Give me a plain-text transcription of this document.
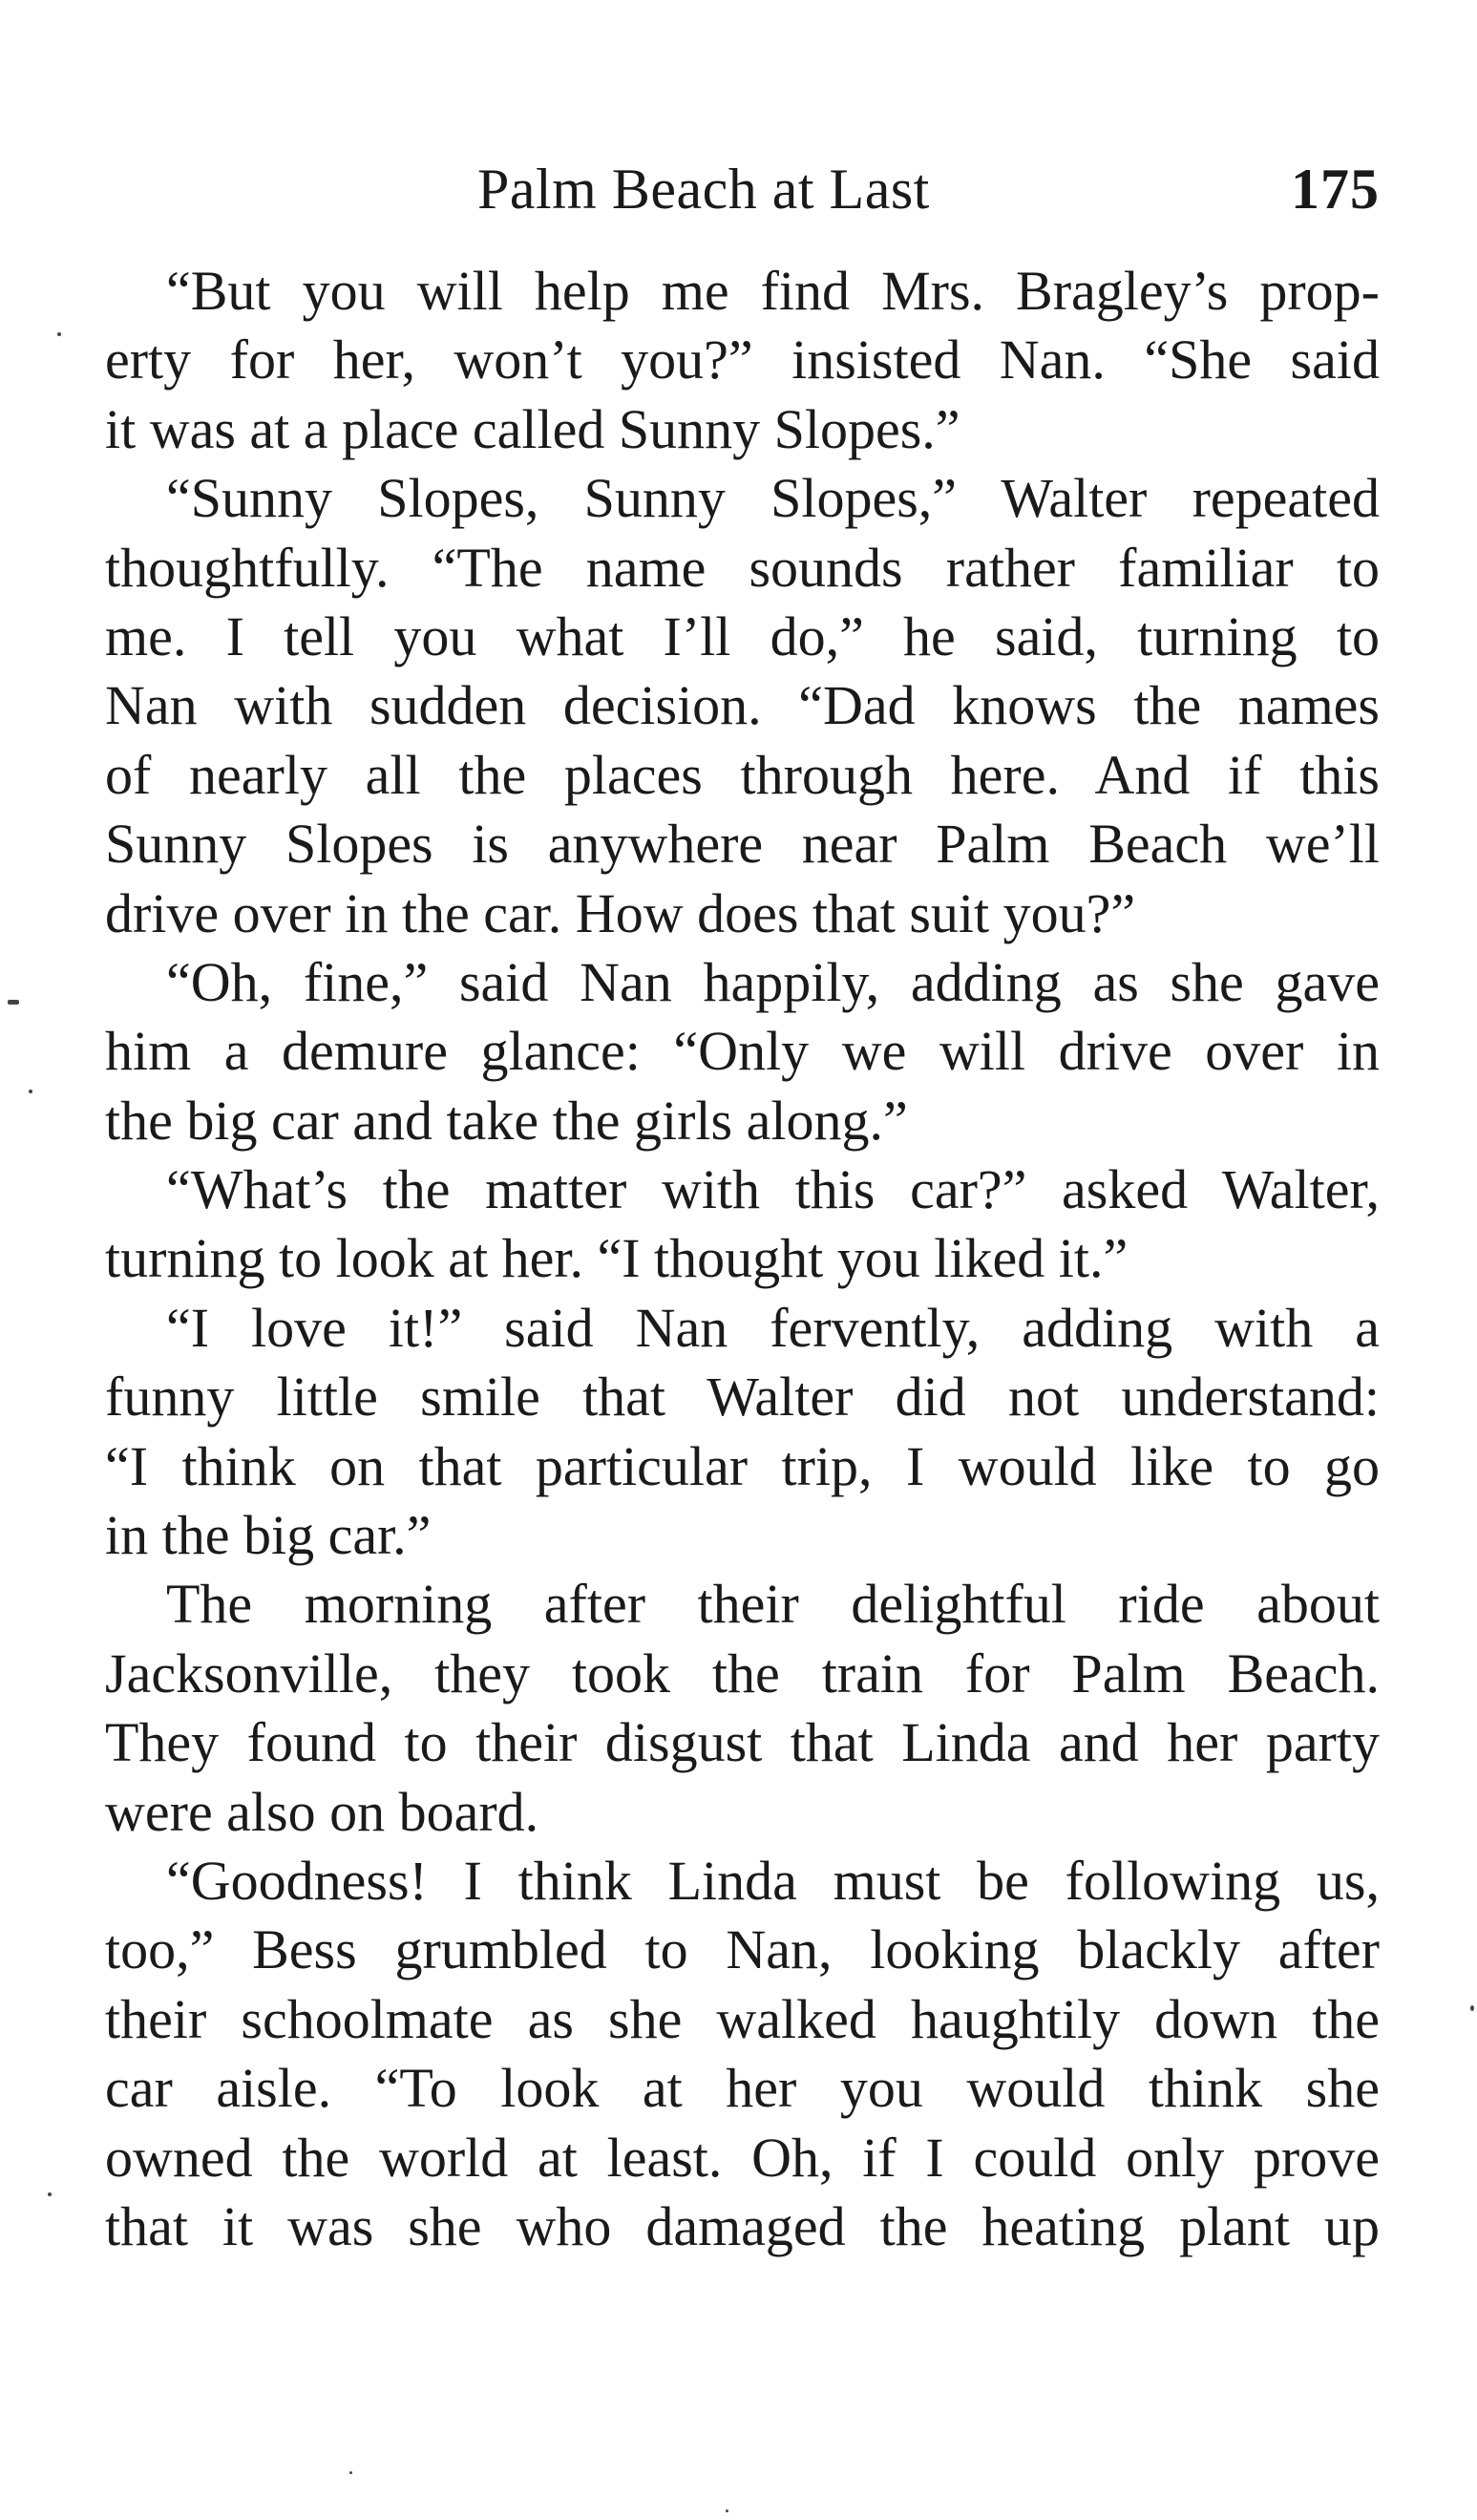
Palm Beach at Last	175
“But you will help me find Mrs. Bragley’s prop-
erty for her, won’t you?” insisted Nan. “She said
it was at a place called Sunny Slopes.”
“Sunny Slopes, Sunny Slopes,” Walter repeated
thoughtfully. “The name sounds rather familiar to
me. I tell you what I’ll do,” he said, turning to
Nan with sudden decision. “Dad knows the names
of nearly all the places through here. And if this
Sunny Slopes is anywhere near Palm Beach we’ll
drive over in the car. How does that suit you?”
“Oh, fine,” said Nan happily, adding as she gave
him a demure glance: “Only we will drive over in
the big car and take the girls along.”
“What’s the matter with this car?” asked Walter,
turning to look at her. “I thought you liked it.”
“I love it!” said Nan fervently, adding with a
funny little smile that Walter did not understand:
“I think on that particular trip, I would like to go
in the big car.”
The morning after their delightful ride about
Jacksonville, they took the train for Palm Beach.
They found to their disgust that Linda and her party
were also on board.
“Goodness! I think Linda must be following us,
too,” Bess grumbled to Nan, looking blackly after
their schoolmate as she walked haughtily down the
car aisle. “To look at her you would think she
owned the world at least. Oh, if I could only prove
that it was she who damaged the heating plant up
